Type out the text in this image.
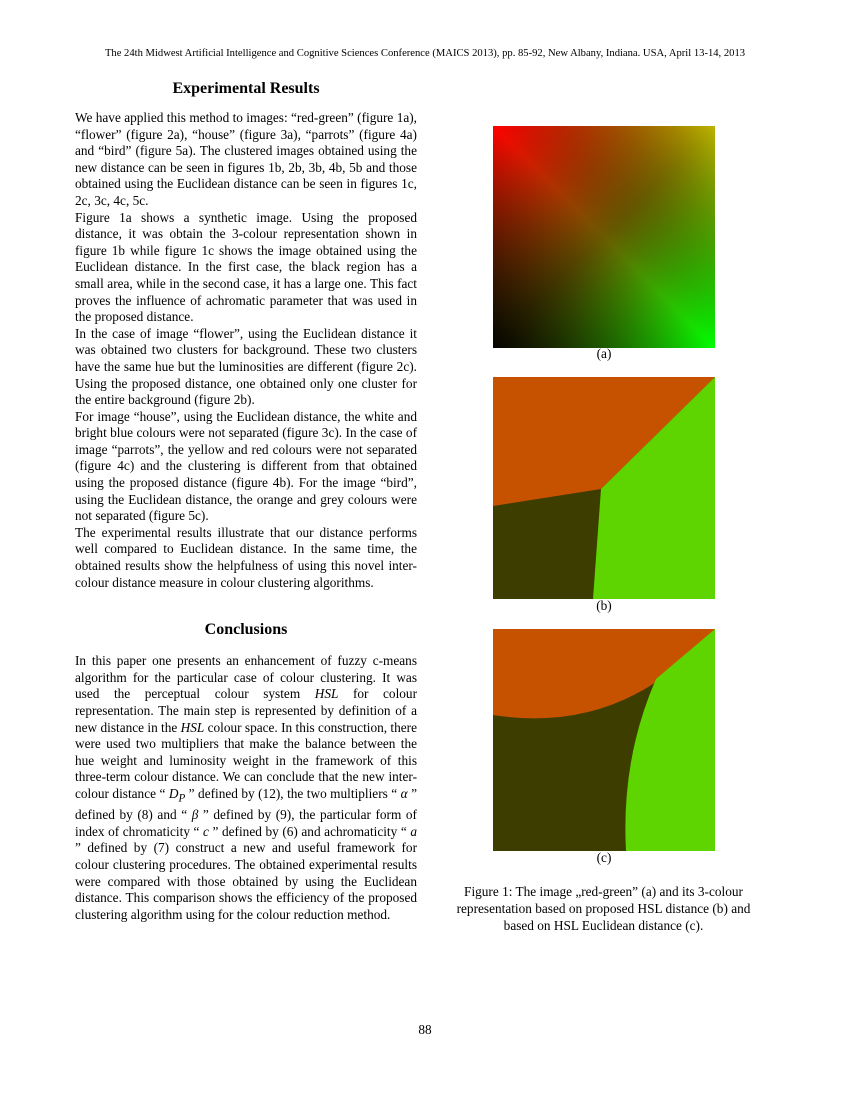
The 24th Midwest Artificial Intelligence and Cognitive Sciences Conference (MAICS 2013), pp. 85-92, New Albany, Indiana. USA, April 13-14, 2013
Experimental Results

We have applied this method to images: “red-green” (figure 1a), “flower” (figure 2a), “house” (figure 3a), “parrots” (figure 4a) and “bird” (figure 5a). The clustered images obtained using the new distance can be seen in figures 1b, 2b, 3b, 4b, 5b and those obtained using the Euclidean distance can be seen in figures 1c, 2c, 3c, 4c, 5c.

Figure 1a shows a synthetic image. Using the proposed distance, it was obtain the 3-colour representation shown in figure 1b while figure 1c shows the image obtained using the Euclidean distance. In the first case, the black region has a small area, while in the second case, it has a large one. This fact proves the influence of achromatic parameter that was used in the proposed distance.

In the case of image “flower”, using the Euclidean distance it was obtained two clusters for background. These two clusters have the same hue but the luminosities are different (figure 2c). Using the proposed distance, one obtained only one cluster for the entire background (figure 2b).

For image “house”, using the Euclidean distance, the white and bright blue colours were not separated (figure 3c). In the case of image “parrots”, the yellow and red colours were not separated (figure 4c) and the clustering is different from that obtained using the proposed distance (figure 4b). For the image “bird”, using the Euclidean distance, the orange and grey colours were not separated (figure 5c).

The experimental results illustrate that our distance performs well compared to Euclidean distance. In the same time, the obtained results show the helpfulness of using this novel inter-colour distance measure in colour clustering algorithms.

Conclusions

In this paper one presents an enhancement of fuzzy c-means algorithm for the particular case of colour clustering. It was used the perceptual colour system HSL for colour representation. The main step is represented by definition of a new distance in the HSL colour space. In this construction, there were used two multipliers that make the balance between the hue weight and luminosity weight in the framework of this three-term colour distance. We can conclude that the new inter-colour distance “ $D_P$ ” defined by (12), the two multipliers “ α ” defined by (8) and “ β ” defined by (9), the particular form of index of chromaticity “ c ” defined by (6) and achromaticity “ a ” defined by (7) construct a new and useful framework for colour clustering procedures. The obtained experimental results were compared with those obtained by using the Euclidean distance. This comparison shows the efficiency of the proposed clustering algorithm using for the colour reduction method.

(a)
(b)
(c)
Figure 1: The image „red-green” (a) and its 3-colour representation based on proposed HSL distance (b) and based on HSL Euclidean distance (c).
88
